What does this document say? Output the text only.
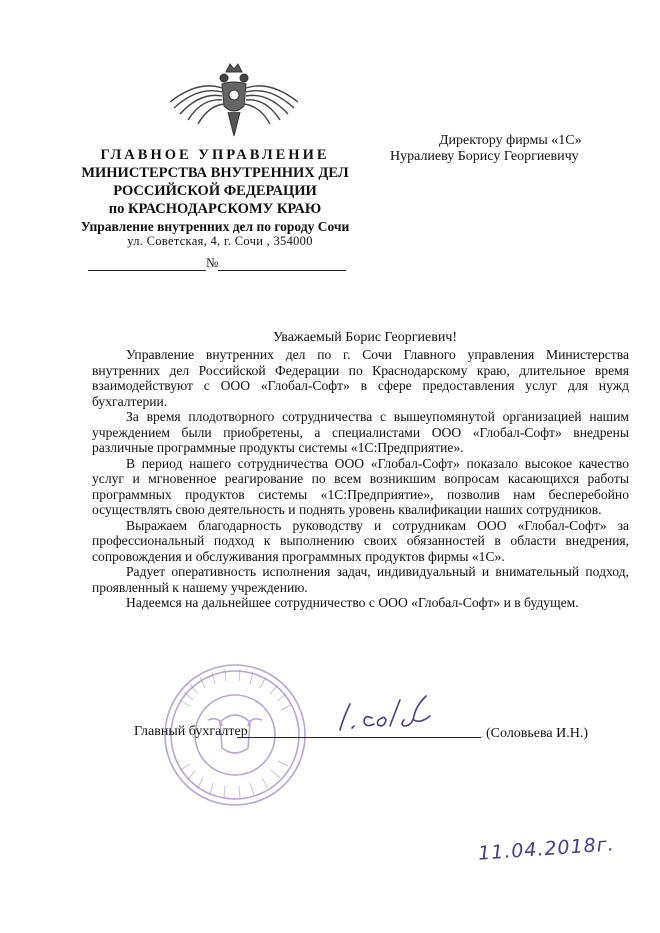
ГЛАВНОЕ УПРАВЛЕНИЕ
МИНИСТЕРСТВА ВНУТРЕННИХ ДЕЛ
РОССИЙСКОЙ ФЕДЕРАЦИИ
по КРАСНОДАРСКОМУ КРАЮ
Управление внутренних дел по городу Сочи
ул. Советская, 4, г. Сочи , 354000
№
Директору фирмы «1С»
Нуралиеву Борису Георгиевичу
Уважаемый Борис Георгиевич!

Управление внутренних дел по г. Сочи Главного управления Министерства внутренних дел Российской Федерации по Краснодарскому краю, длительное время взаимодействуют с ООО «Глобал-Софт» в сфере предоставления услуг для нужд бухгалтерии.

За время плодотворного сотрудничества с вышеупомянутой организацией нашим учреждением были приобретены, а специалистами ООО «Глобал-Софт» внедрены различные программные продукты системы «1С:Предприятие».

В период нашего сотрудничества ООО «Глобал-Софт» показало высокое качество услуг и мгновенное реагирование по всем возникшим вопросам касающихся работы программных продуктов системы «1С:Предприятие», позволив нам бесперебойно осуществлять свою деятельность и поднять уровень квалификации наших сотрудников.

Выражаем благодарность руководству и сотрудникам ООО «Глобал-Софт» за профессиональный подход к выполнению своих обязанностей в области внедрения, сопровождения и обслуживания программных продуктов фирмы «1С».

Радует оперативность исполнения задач, индивидуальный и внимательный подход, проявленный к нашему учреждению.

Надеемся на дальнейшее сотрудничество с ООО «Глобал-Софт» и в будущем.

Главный бухгалтер	(Соловьева И.Н.)
11.04.2018г.
